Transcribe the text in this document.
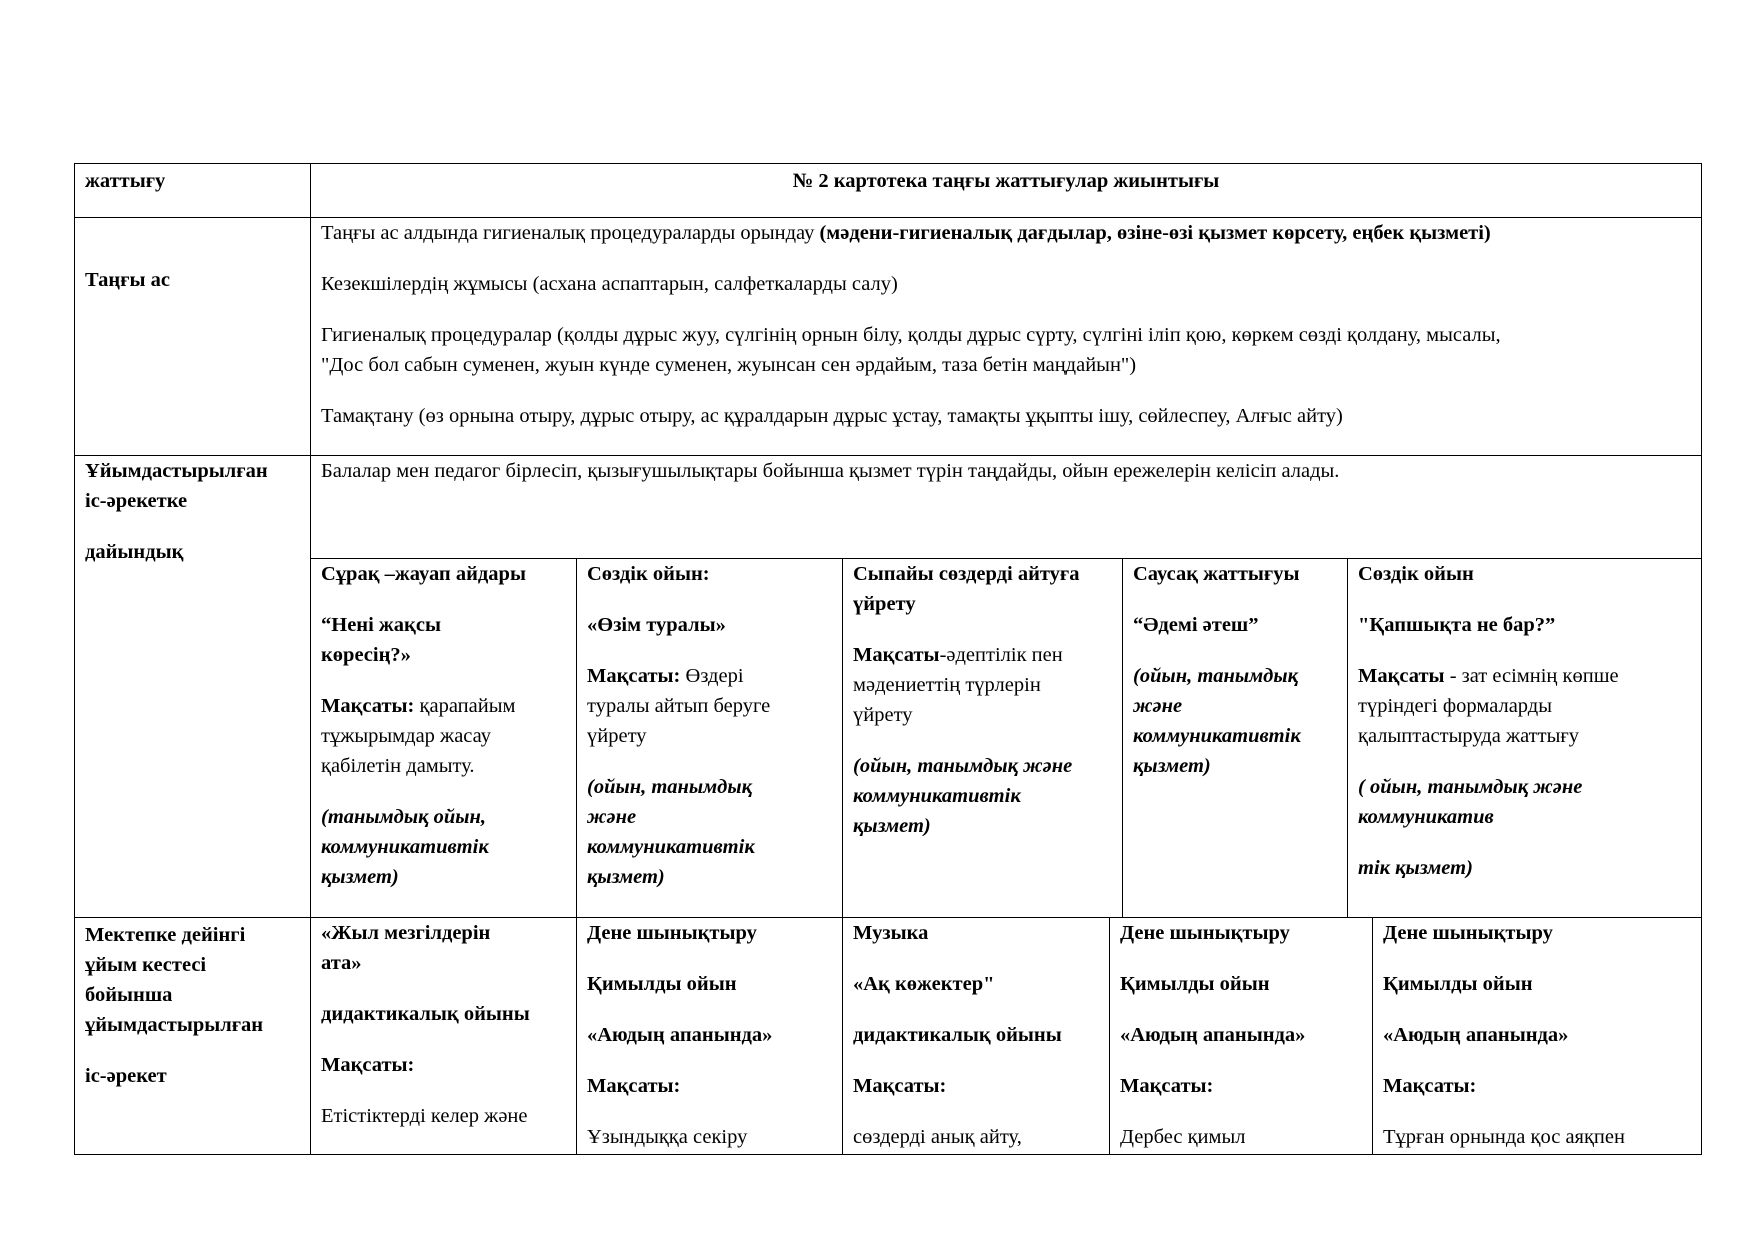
жаттығу	№ 2 картотека таңғы жаттығулар жиынтығы
Таңғы ас

Таңғы ас алдында гигиеналық процедураларды орындау (мәдени-гигиеналық дағдылар, өзіне-өзі қызмет көрсету, еңбек қызметі)

Кезекшілердің жұмысы (асхана аспаптарын, салфеткаларды салу)

Гигиеналық процедуралар (қолды дұрыс жуу, сүлгінің орнын білу, қолды дұрыс сүрту, сүлгіні іліп қою, көркем сөзді қолдану, мысалы,
"Дос бол сабын суменен, жуын күнде суменен, жуынсан сен әрдайым, таза бетін маңдайын")

Тамақтану (өз орнына отыру, дұрыс отыру, ас құралдарын дұрыс ұстау, тамақты ұқыпты ішу, сөйлеспеу, Алғыс айту)

Ұйымдастырылған
іс-әрекетке
дайындық
Балалар мен педагог бірлесіп, қызығушылықтары бойынша қызмет түрін таңдайды, ойын ережелерін келісіп алады.

Сұрақ –жауап айдары

“Нені жақсы
көресің?»

Мақсаты: қарапайым
тұжырымдар жасау
қабілетін дамыту.

(танымдық ойын,
коммуникативтік
қызмет)

Сөздік ойын:

«Өзім туралы»

Мақсаты: Өздері
туралы айтып беруге
үйрету

(ойын, танымдық
және
коммуникативтік
қызмет)

Сыпайы сөздерді айтуға
үйрету

Мақсаты-әдептілік пен
мәдениеттің түрлерін
үйрету

(ойын, танымдық және
коммуникативтік
қызмет)

Саусақ жаттығуы

“Әдемі әтеш”

(ойын, танымдық
және
коммуникативтік
қызмет)

Сөздік ойын

"Қапшықта не бар?”

Мақсаты - зат есімнің көпше
түріндегі формаларды
қалыптастыруда жаттығу

( ойын, танымдық және
коммуникатив

тік қызмет)

Мектепке дейінгі
ұйым кестесі
бойынша
ұйымдастырылған
іс-әрекет

«Жыл мезгілдерін
ата»

дидактикалық ойыны

Мақсаты:

Етістіктерді келер және

Дене шынықтыру

Қимылды ойын

«Аюдың апанында»

Мақсаты:

Ұзындыққа секіру

Музыка

«Ақ көжектер"

дидактикалық ойыны

Мақсаты:

сөздерді анық айту,

Дене шынықтыру

Қимылды ойын

«Аюдың апанында»

Мақсаты:

Дербес қимыл

Дене шынықтыру

Қимылды ойын

«Аюдың апанында»

Мақсаты:

Тұрған орнында қос аяқпен
